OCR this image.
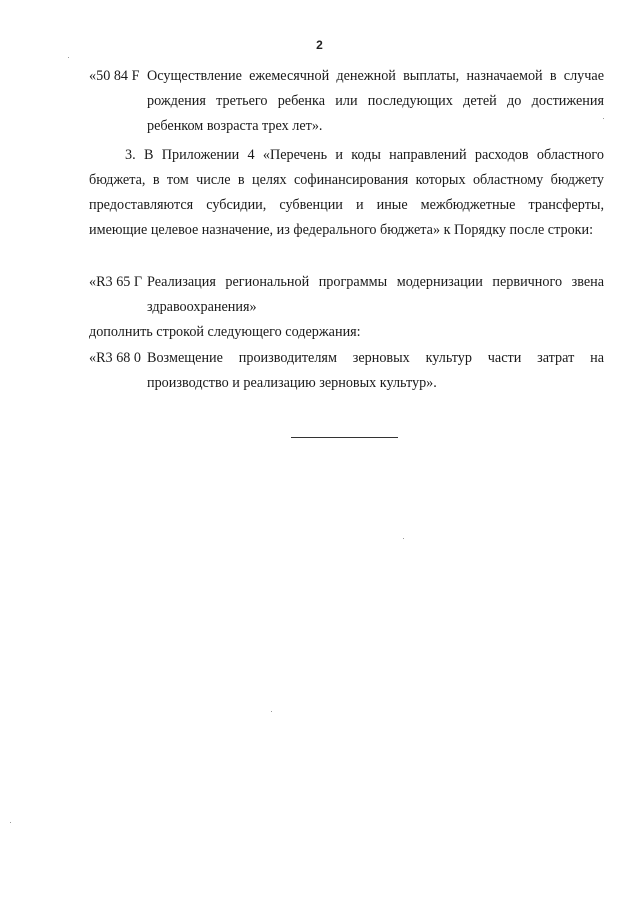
2
«50 84 F Осуществление ежемесячной денежной выплаты, назначаемой в случае рождения третьего ребенка или последующих детей до достижения ребенком возраста трех лет».
3. В Приложении 4 «Перечень и коды направлений расходов областного бюджета, в том числе в целях софинансирования которых областному бюджету предоставляются субсидии, субвенции и иные межбюджетные трансферты, имеющие целевое назначение, из федерального бюджета» к Порядку после строки:
«R3 65 Г Реализация региональной программы модернизации первичного звена здравоохранения»
дополнить строкой следующего содержания:
«R3 68 0 Возмещение производителям зерновых культур части затрат на производство и реализацию зерновых культур».
